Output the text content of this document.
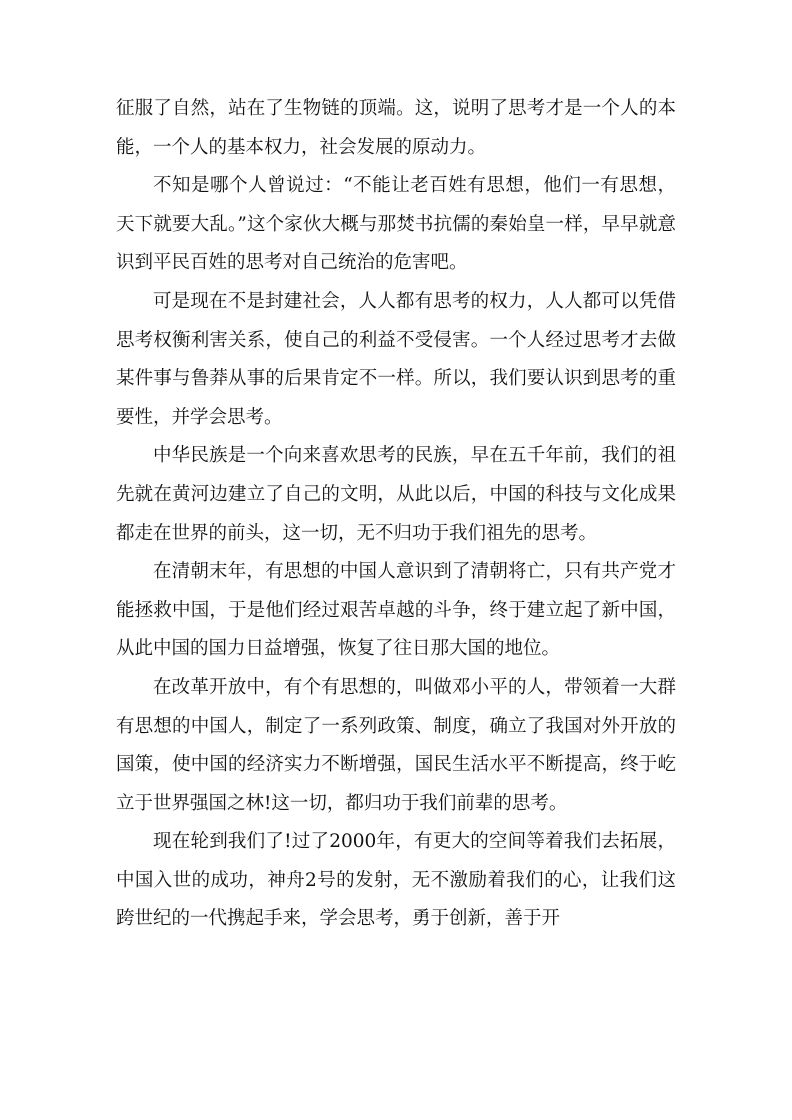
征服了自然，站在了生物链的顶端。这，说明了思考才是一个人的本能，一个人的基本权力，社会发展的原动力。

不知是哪个人曾说过：“不能让老百姓有思想，他们一有思想，天下就要大乱。”这个家伙大概与那焚书抗儒的秦始皇一样，早早就意识到平民百姓的思考对自己统治的危害吧。

可是现在不是封建社会，人人都有思考的权力，人人都可以凭借思考权衡利害关系，使自己的利益不受侵害。一个人经过思考才去做某件事与鲁莽从事的后果肯定不一样。所以，我们要认识到思考的重要性，并学会思考。

中华民族是一个向来喜欢思考的民族，早在五千年前，我们的祖先就在黄河边建立了自己的文明，从此以后，中国的科技与文化成果都走在世界的前头，这一切，无不归功于我们祖先的思考。

在清朝末年，有思想的中国人意识到了清朝将亡，只有共产党才能拯救中国，于是他们经过艰苦卓越的斗争，终于建立起了新中国，从此中国的国力日益增强，恢复了往日那大国的地位。

在改革开放中，有个有思想的，叫做邓小平的人，带领着一大群有思想的中国人，制定了一系列政策、制度，确立了我国对外开放的国策，使中国的经济实力不断增强，国民生活水平不断提高，终于屹立于世界强国之林!这一切，都归功于我们前辈的思考。

现在轮到我们了!过了2000年，有更大的空间等着我们去拓展，中国入世的成功，神舟2号的发射，无不激励着我们的心，让我们这跨世纪的一代携起手来，学会思考，勇于创新，善于开
